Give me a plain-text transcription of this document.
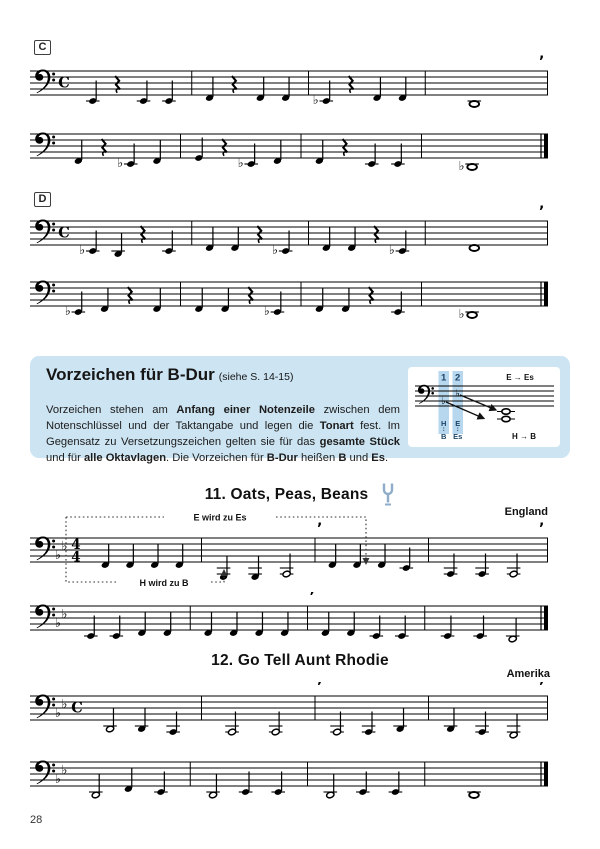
C
C
♭
’
♭	♭	♭
D
C
♭	♭	♭
’
♭	♭	♭
Vorzeichen für B-Dur (siehe S. 14-15)

Vorzeichen stehen am Anfang einer Notenzeile zwischen dem Notenschlüssel und der Taktangabe und legen die Tonart fest. Im Gegensatz zu Versetzungszeichen gelten sie für das gesamte Stück und für alle Oktavlagen. Die Vorzeichen für B-Dur heißen B und Es.

♭
♭
1 2	E → Es
H E
B Es	H → B
11. Oats, Peas, Beans
England
♭
♭ 4
4
’	’
E wird zu Es
H wird zu B
♭
♭
’
12. Go Tell Aunt Rhodie
Amerika
♭
♭ C
’	’
♭
♭
28
